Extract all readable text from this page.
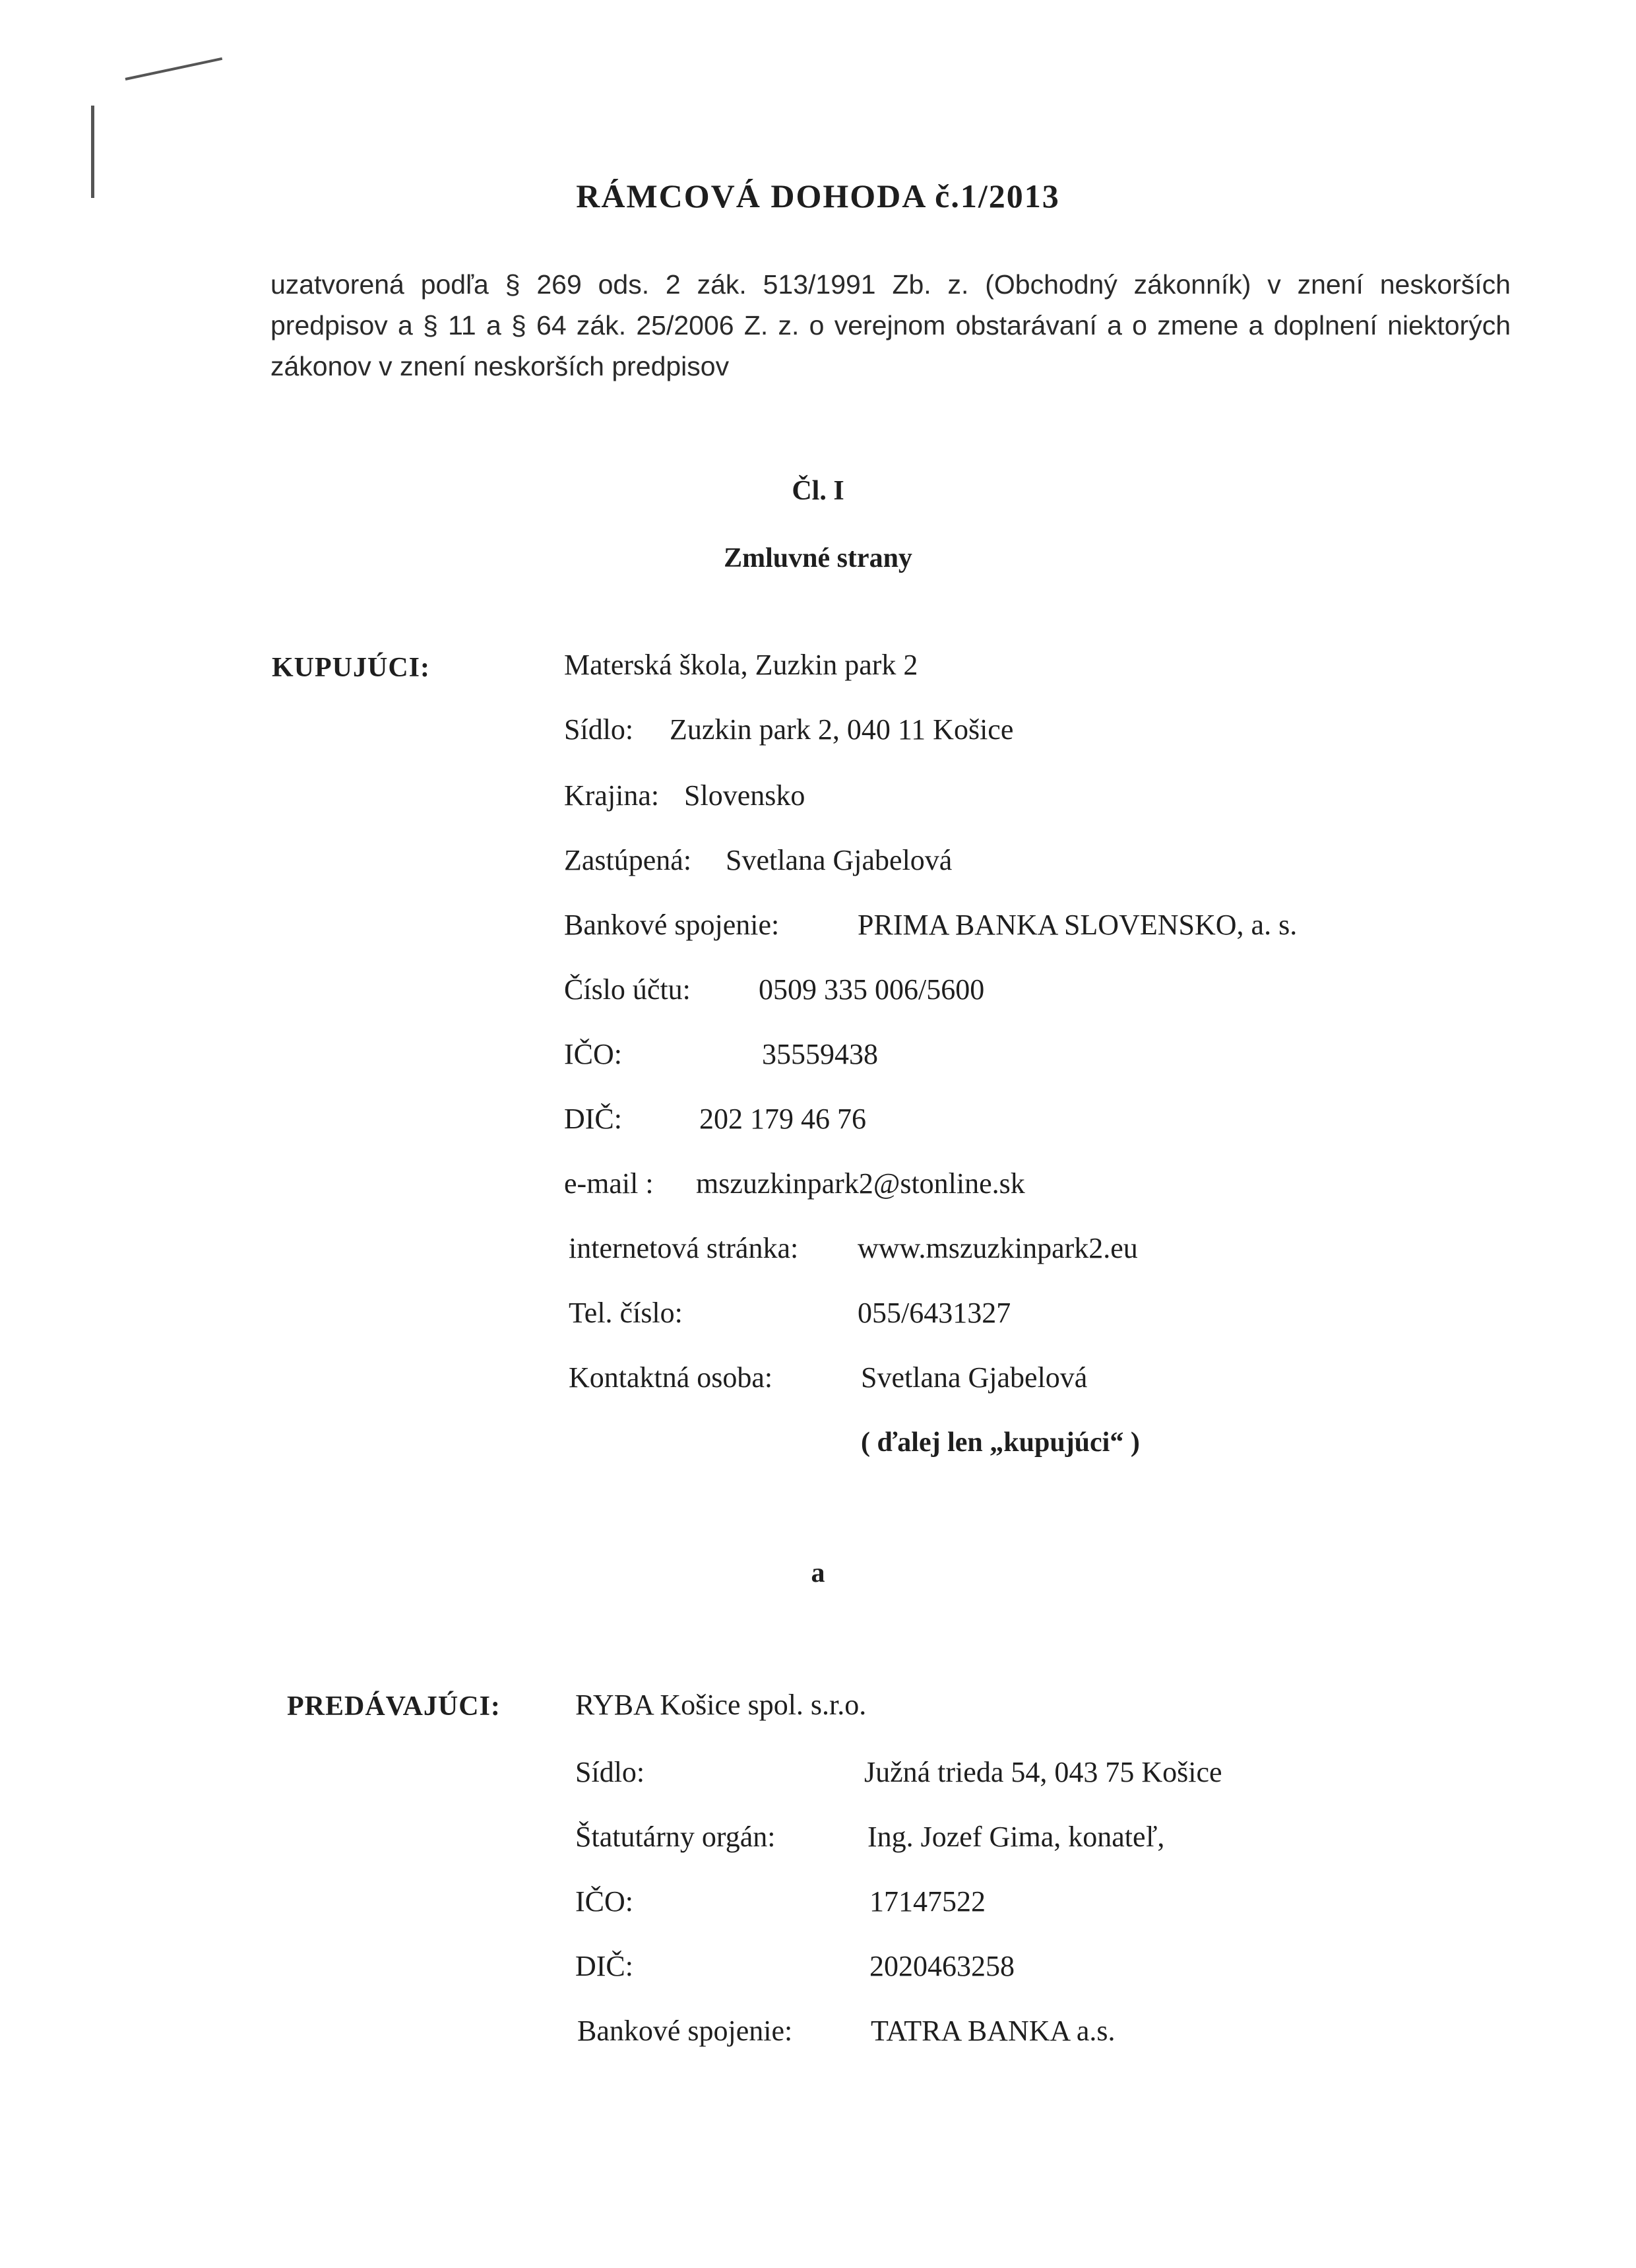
RÁMCOVÁ DOHODA č.1/2013
uzatvorená podľa § 269 ods. 2 zák. 513/1991 Zb. z. (Obchodný zákonník) v znení neskorších predpisov a § 11 a § 64 zák. 25/2006 Z. z. o verejnom obstarávaní a o zmene a doplnení niektorých zákonov v znení neskorších predpisov
Čl. I
Zmluvné strany
KUPUJÚCI:	Materská škola, Zuzkin park 2
Sídlo: Zuzkin park 2, 040 11 Košice
Krajina: Slovensko
Zastúpená: Svetlana Gjabelová
Bankové spojenie:	PRIMA BANKA SLOVENSKO, a. s.
Číslo účtu: 0509 335 006/5600
IČO:	35559438
DIČ:	202 179 46 76
e-mail : mszuzkinpark2@stonline.sk
internetová stránka: www.mszuzkinpark2.eu
Tel. číslo:	055/6431327
Kontaktná osoba:	Svetlana Gjabelová
( ďalej len „kupujúci“ )
a
PREDÁVAJÚCI:	RYBA Košice spol. s.r.o.
Sídlo:	Južná trieda 54, 043 75 Košice
Štatutárny orgán:	Ing. Jozef Gima, konateľ,
IČO:	17147522
DIČ:	2020463258
Bankové spojenie:	TATRA BANKA a.s.
